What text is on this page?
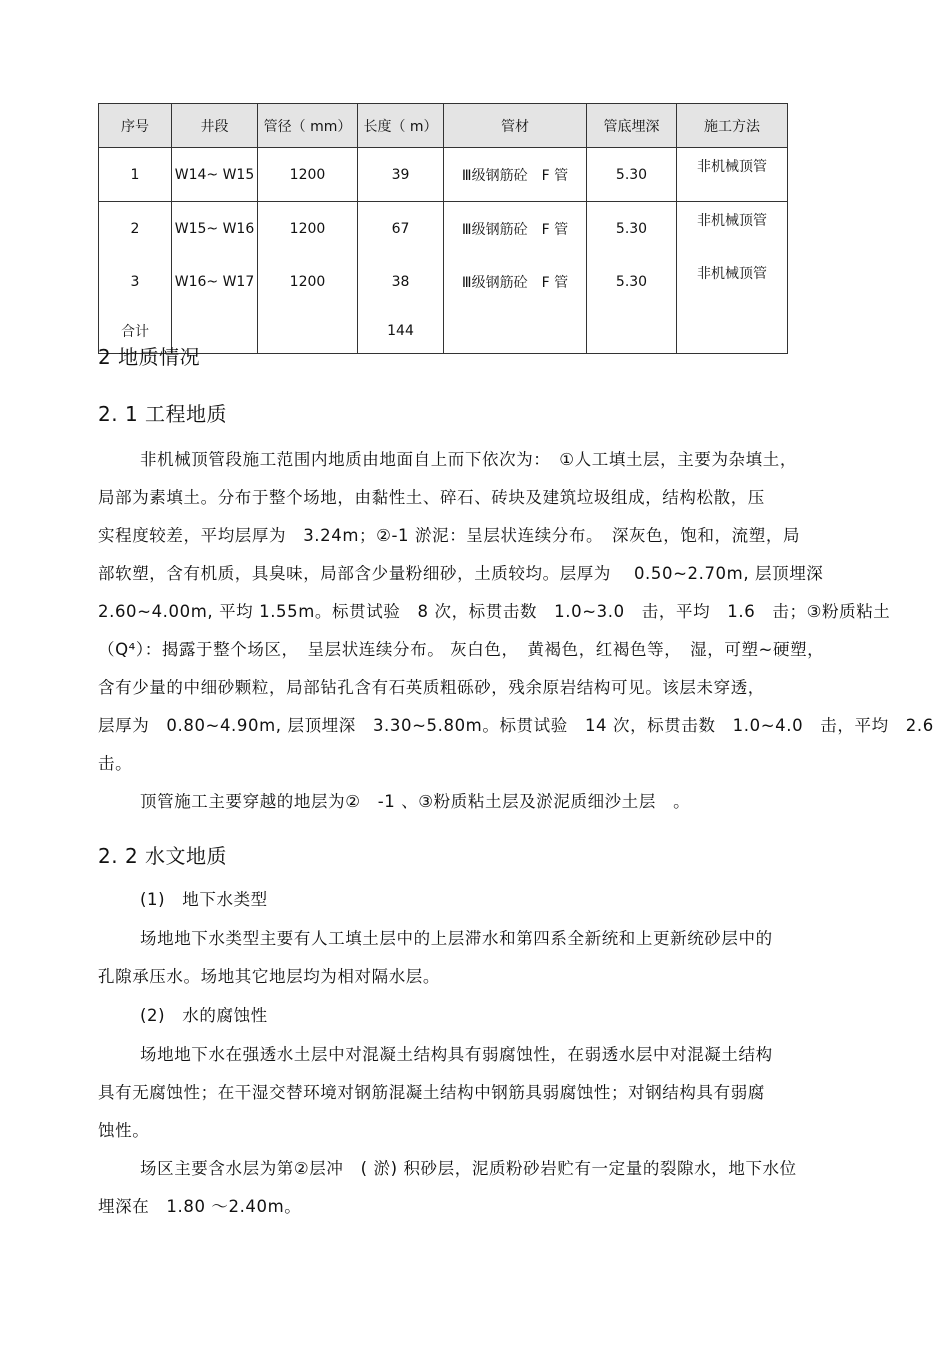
序号	井段	管径（ mm）	长度（ m）	管材	管底埋深	施工方法
1	W14~ W15	1200	39	Ⅲ级钢筋砼　F 管	5.30	非机械顶管
2	W15~ W16	1200	67	Ⅲ级钢筋砼　F 管	5.30	非机械顶管
3	W16~ W17	1200	38	Ⅲ级钢筋砼　F 管	5.30	非机械顶管
合计			144			
2 地质情况
2. 1 工程地质
非机械顶管段施工范围内地质由地面自上而下依次为：　①人工填土层，主要为杂填土，
局部为素填土。分布于整个场地，由黏性土、碎石、砖块及建筑垃圾组成，结构松散，压
实程度较差，平均层厚为　3.24m；②-1 淤泥：呈层状连续分布。　深灰色，饱和，流塑，局
部软塑，含有机质，具臭味，局部含少量粉细砂，土质较均。层厚为　 0.50~2.70m, 层顶埋深
2.60~4.00m, 平均 1.55m。标贯试验　8 次，标贯击数　1.0~3.0　击，平均　1.6　击；③粉质粘土
（Q⁴）：揭露于整个场区，　呈层状连续分布。 灰白色，　黄褐色，红褐色等，　湿，可塑~硬塑，
含有少量的中细砂颗粒，局部钻孔含有石英质粗砾砂，残余原岩结构可见。该层未穿透，
层厚为　0.80~4.90m, 层顶埋深　3.30~5.80m。标贯试验　14 次，标贯击数　1.0~4.0　击，平均　2.6
击。
顶管施工主要穿越的地层为②　-1 、③粉质粘土层及淤泥质细沙土层　。
2. 2 水文地质
(1)　地下水类型
场地地下水类型主要有人工填土层中的上层滞水和第四系全新统和上更新统砂层中的
孔隙承压水。场地其它地层均为相对隔水层。
(2)　水的腐蚀性
场地地下水在强透水土层中对混凝土结构具有弱腐蚀性，在弱透水层中对混凝土结构
具有无腐蚀性；在干湿交替环境对钢筋混凝土结构中钢筋具弱腐蚀性；对钢结构具有弱腐
蚀性。
场区主要含水层为第②层冲　( 淤) 积砂层，泥质粉砂岩贮有一定量的裂隙水，地下水位
埋深在　1.80 ～2.40m。
